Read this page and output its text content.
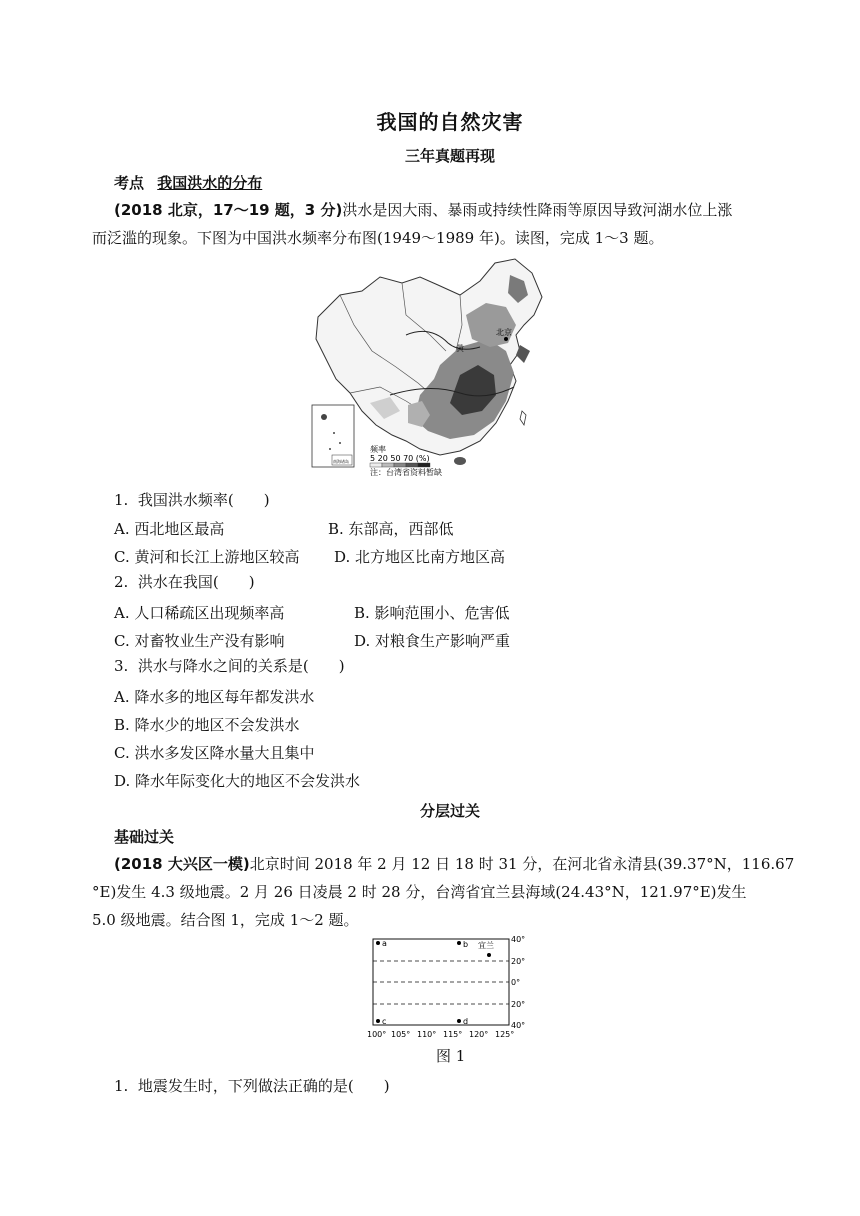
我国的自然灾害
三年真题再现
考点 我国洪水的分布
(2018 北京，17～19 题，3 分)洪水是因大雨、暴雨或持续性降雨等原因导致河湖水位上涨
而泛滥的现象。下图为中国洪水频率分布图(1949～1989 年)。读图，完成 1～3 题。
北京
黄
南海诸岛
频率
5 20 50 70 (%)
注：台湾省资料暂缺
1. 我国洪水频率(　　)
A. 西北地区最高	B. 东部高，西部低
C. 黄河和长江上游地区较高 D. 北方地区比南方地区高
2. 洪水在我国(　　)
A. 人口稀疏区出现频率高	B. 影响范围小、危害低
C. 对畜牧业生产没有影响	D. 对粮食生产影响严重
3. 洪水与降水之间的关系是(　　)
A. 降水多的地区每年都发洪水
B. 降水少的地区不会发洪水
C. 洪水多发区降水量大且集中
D. 降水年际变化大的地区不会发洪水
分层过关
基础过关
(2018 大兴区一模)北京时间 2018 年 2 月 12 日 18 时 31 分，在河北省永清县(39.37°N，116.67
°E)发生 4.3 级地震。2 月 26 日凌晨 2 时 28 分，台湾省宜兰县海域(24.43°N，121.97°E)发生
5.0 级地震。结合图 1，完成 1～2 题。
a	b 宜兰
c	d
40°
20°
0°
20°
40°
100° 105° 110° 115° 120° 125°
图 1
1. 地震发生时，下列做法正确的是(　　)
